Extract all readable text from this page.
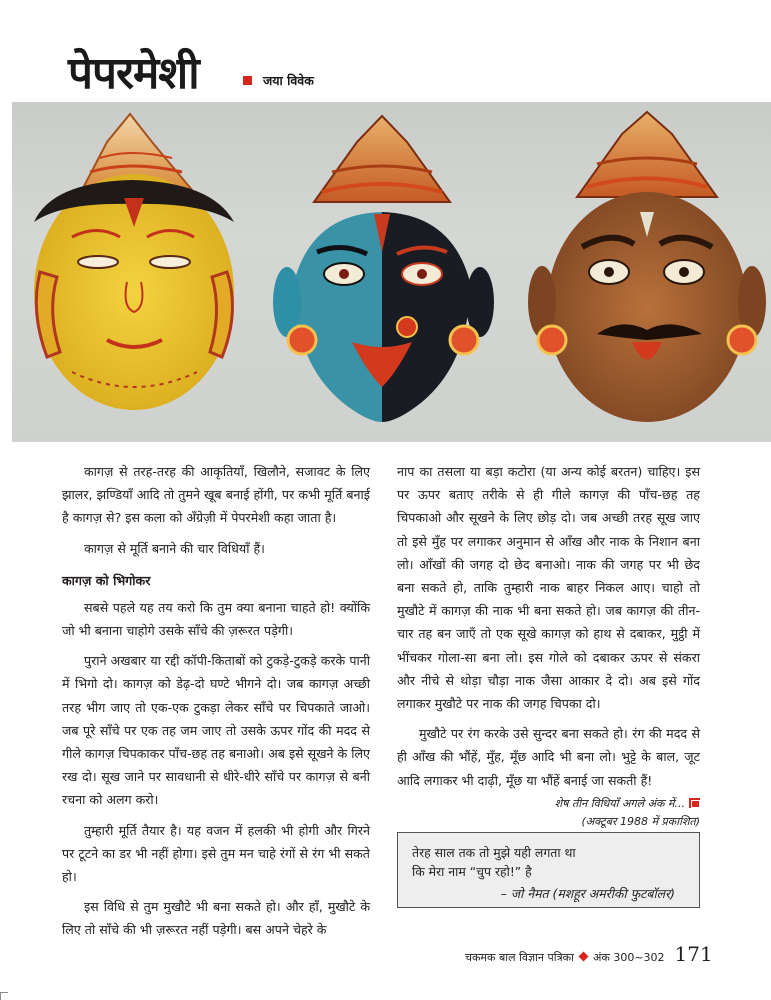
पेपरमेशी	जया विवेक

कागज़ से तरह-तरह की आकृतियाँ, खिलौने, सजावट के लिए झालर, झण्डियाँ आदि तो तुमने खूब बनाई होंगी, पर कभी मूर्ति बनाई है कागज़ से? इस कला को अँग्रेज़ी में पेपरमेशी कहा जाता है।

कागज़ से मूर्ति बनाने की चार विधियाँ हैं।

कागज़ को भिगोकर

सबसे पहले यह तय करो कि तुम क्या बनाना चाहते हो! क्योंकि जो भी बनाना चाहोगे उसके साँचे की ज़रूरत पड़ेगी।

पुराने अखबार या रद्दी कॉपी-किताबों को टुकड़े-टुकड़े करके पानी में भिगो दो। कागज़ को डेढ़-दो घण्टे भीगने दो। जब कागज़ अच्छी तरह भीग जाए तो एक-एक टुकड़ा लेकर साँचे पर चिपकाते जाओ। जब पूरे साँचे पर एक तह जम जाए तो उसके ऊपर गोंद की मदद से गीले कागज़ चिपकाकर पाँच-छह तह बनाओ। अब इसे सूखने के लिए रख दो। सूख जाने पर सावधानी से धीरे-धीरे साँचे पर कागज़ से बनी रचना को अलग करो।

तुम्हारी मूर्ति तैयार है। यह वजन में हलकी भी होगी और गिरने पर टूटने का डर भी नहीं होगा। इसे तुम मन चाहे रंगों से रंग भी सकते हो।

इस विधि से तुम मुखौटे भी बना सकते हो। और हाँ, मुखौटे के लिए तो साँचे की भी ज़रूरत नहीं पड़ेगी। बस अपने चेहरे के

नाप का तसला या बड़ा कटोरा (या अन्य कोई बरतन) चाहिए। इस पर ऊपर बताए तरीके से ही गीले कागज़ की पाँच-छह तह चिपकाओ और सूखने के लिए छोड़ दो। जब अच्छी तरह सूख जाए तो इसे मुँह पर लगाकर अनुमान से आँख और नाक के निशान बना लो। आँखों की जगह दो छेद बनाओ। नाक की जगह पर भी छेद बना सकते हो, ताकि तुम्हारी नाक बाहर निकल आए। चाहो तो मुखौटे में कागज़ की नाक भी बना सकते हो। जब कागज़ की तीन-चार तह बन जाएँ तो एक सूखे कागज़ को हाथ से दबाकर, मुट्ठी में भींचकर गोला-सा बना लो। इस गोले को दबाकर ऊपर से संकरा और नीचे से थोड़ा चौड़ा नाक जैसा आकार दे दो। अब इसे गोंद लगाकर मुखौटे पर नाक की जगह चिपका दो।

मुखौटे पर रंग करके उसे सुन्दर बना सकते हो। रंग की मदद से ही आँख की भौंहें, मुँह, मूँछ आदि भी बना लो। भुट्टे के बाल, जूट आदि लगाकर भी दाढ़ी, मूँछ या भौंहें बनाई जा सकती हैं!

शेष तीन विधियाँ अगले अंक में...
(अक्टूबर 1988 में प्रकाशित)
तेरह साल तक तो मुझे यही लगता था
कि मेरा नाम “चुप रहो!” है
– जो नैमत (मशहूर अमरीकी फुटबॉलर)
चकमक बाल विज्ञान पत्रिका अंक 300~302 171
